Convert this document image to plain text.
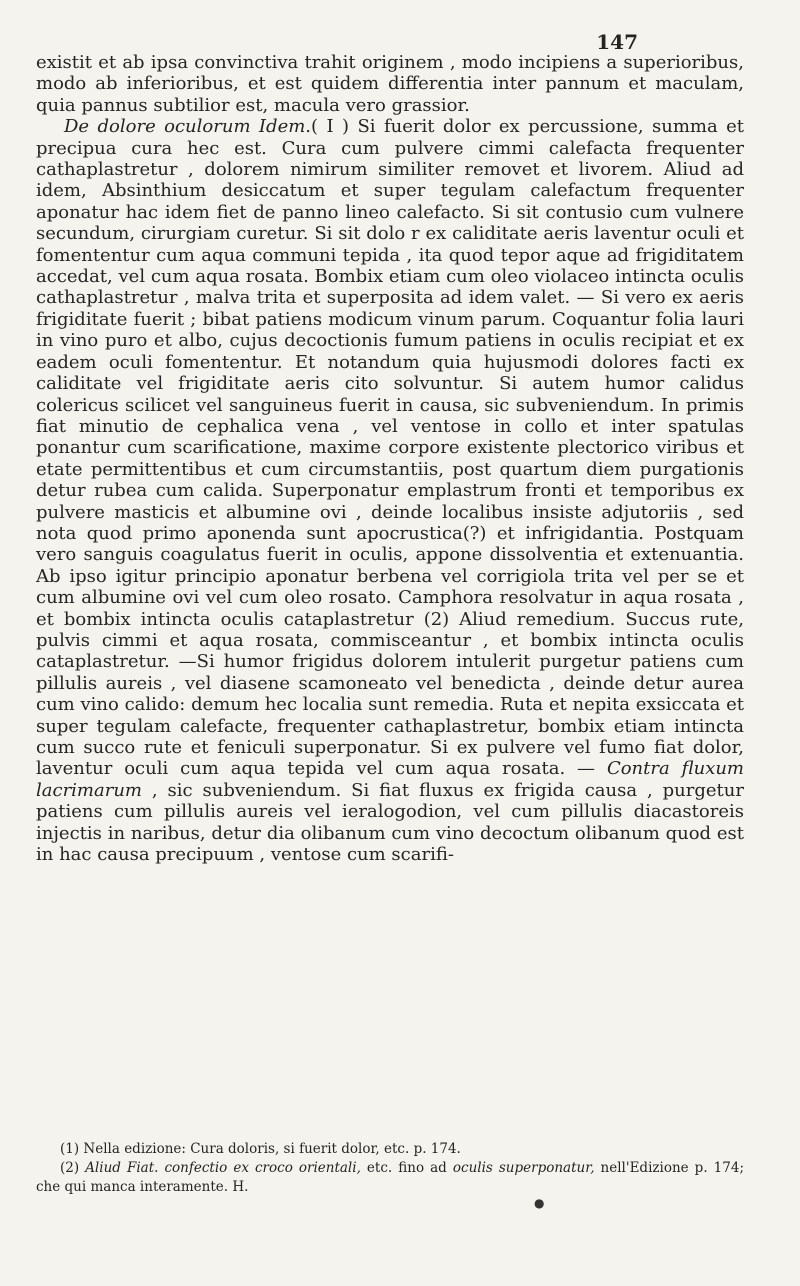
147

existit et ab ipsa convinctiva trahit originem , modo incipiens a superioribus, modo ab inferioribus, et est quidem differentia inter pannum et maculam, quia pannus subtilior est, macula vero grassior.

De dolore oculorum Idem.( I ) Si fuerit dolor ex percussione, summa et precipua cura hec est. Cura cum pulvere cimmi calefacta frequenter cathaplastretur , dolorem nimirum similiter removet et livorem. Aliud ad idem, Absinthium desiccatum et super tegulam calefactum frequenter aponatur hac idem fiet de panno lineo calefacto. Si sit contusio cum vulnere secundum, cirurgiam curetur. Si sit dolo r ex caliditate aeris laventur oculi et fomententur cum aqua communi tepida , ita quod tepor aque ad frigiditatem accedat, vel cum aqua rosata. Bombix etiam cum oleo violaceo intincta oculis cathaplastretur , malva trita et superposita ad idem valet. — Si vero ex aeris frigiditate fuerit ; bibat patiens modicum vinum parum. Coquantur folia lauri in vino puro et albo, cujus decoctionis fumum patiens in oculis recipiat et ex eadem oculi fomententur. Et notandum quia hujusmodi dolores facti ex caliditate vel frigiditate aeris cito solvuntur. Si autem humor calidus colericus scilicet vel sanguineus fuerit in causa, sic subveniendum. In primis fiat minutio de cephalica vena , vel ventose in collo et inter spatulas ponantur cum scarificatione, maxime corpore existente plectorico viribus et etate permittentibus et cum circumstantiis, post quartum diem purgationis detur rubea cum calida. Superponatur emplastrum fronti et temporibus ex pulvere masticis et albumine ovi , deinde localibus insiste adjutoriis , sed nota quod primo aponenda sunt apocrustica(?) et infrigidantia. Postquam vero sanguis coagulatus fuerit in oculis, appone dissolventia et extenuantia. Ab ipso igitur principio aponatur berbena vel corrigiola trita vel per se et cum albumine ovi vel cum oleo rosato. Camphora resolvatur in aqua rosata , et bombix intincta oculis cataplastretur (2) Aliud remedium. Succus rute, pulvis cimmi et aqua rosata, commisceantur , et bombix intincta oculis cataplastretur. —Si humor frigidus dolorem intulerit purgetur patiens cum pillulis aureis , vel diasene scamoneato vel benedicta , deinde detur aurea cum vino calido: demum hec localia sunt remedia. Ruta et nepita exsiccata et super tegulam calefacte, frequenter cathaplastretur, bombix etiam intincta cum succo rute et feniculi superponatur. Si ex pulvere vel fumo fiat dolor, laventur oculi cum aqua tepida vel cum aqua rosata. — Contra fluxum lacrimarum , sic subveniendum. Si fiat fluxus ex frigida causa , purgetur patiens cum pillulis aureis vel ieralogodion, vel cum pillulis diacastoreis injectis in naribus, detur dia olibanum cum vino decoctum olibanum quod est in hac causa precipuum , ventose cum scarifi-

(1) Nella edizione: Cura doloris, si fuerit dolor, etc. p. 174.

(2) Aliud Fiat. confectio ex croco orientali, etc. fino ad oculis superponatur, nell'Edizione p. 174; che qui manca interamente. H.

●
